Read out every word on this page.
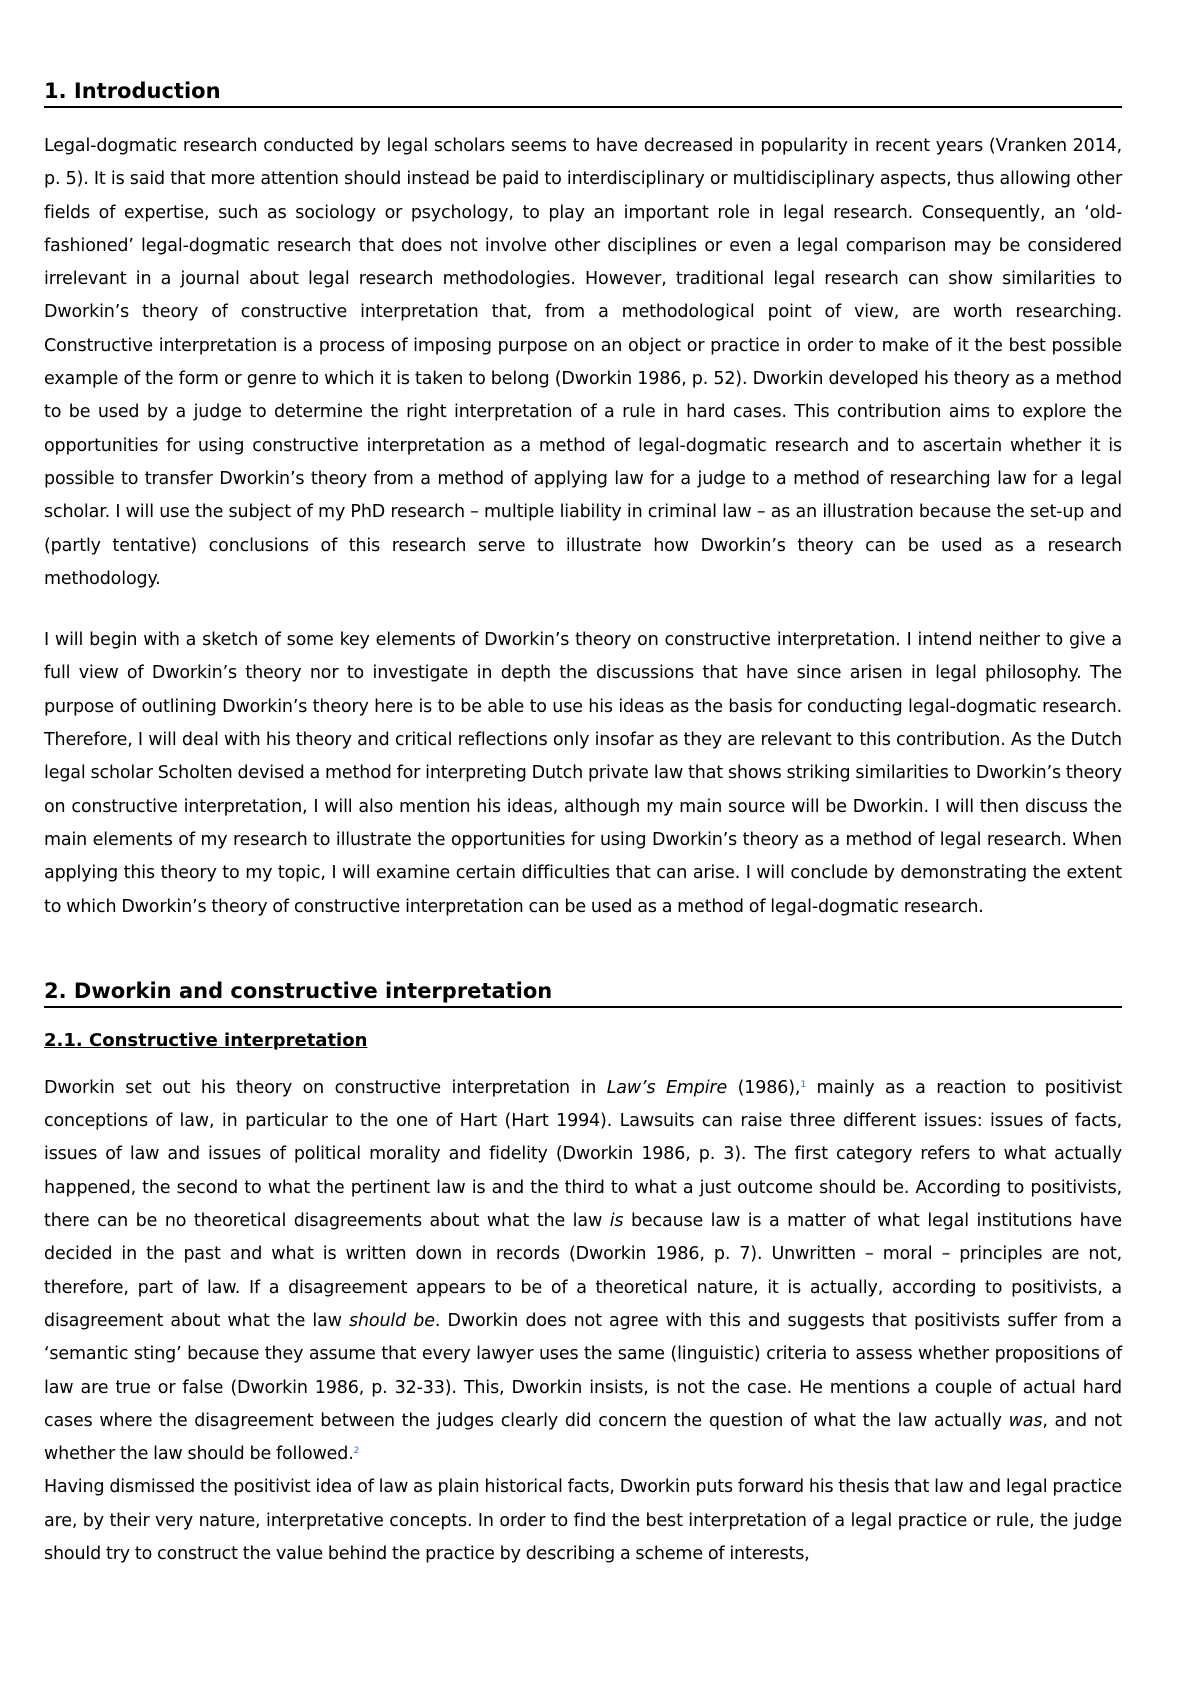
1. Introduction

Legal-dogmatic research conducted by legal scholars seems to have decreased in popularity in recent years (Vranken 2014, p. 5). It is said that more attention should instead be paid to interdisciplinary or multidisciplinary aspects, thus allowing other fields of expertise, such as sociology or psychology, to play an important role in legal research. Consequently, an ‘old-fashioned’ legal-dogmatic research that does not involve other disciplines or even a legal comparison may be considered irrelevant in a journal about legal research methodologies. However, traditional legal research can show similarities to Dworkin’s theory of constructive interpretation that, from a methodological point of view, are worth researching. Constructive interpretation is a process of imposing purpose on an object or practice in order to make of it the best possible example of the form or genre to which it is taken to belong (Dworkin 1986, p. 52). Dworkin developed his theory as a method to be used by a judge to determine the right interpretation of a rule in hard cases. This contribution aims to explore the opportunities for using constructive interpretation as a method of legal-dogmatic research and to ascertain whether it is possible to transfer Dworkin’s theory from a method of applying law for a judge to a method of researching law for a legal scholar. I will use the subject of my PhD research – multiple liability in criminal law – as an illustration because the set-up and (partly tentative) conclusions of this research serve to illustrate how Dworkin’s theory can be used as a research methodology.

I will begin with a sketch of some key elements of Dworkin’s theory on constructive interpretation. I intend neither to give a full view of Dworkin’s theory nor to investigate in depth the discussions that have since arisen in legal philosophy. The purpose of outlining Dworkin’s theory here is to be able to use his ideas as the basis for conducting legal-dogmatic research. Therefore, I will deal with his theory and critical reflections only insofar as they are relevant to this contribution. As the Dutch legal scholar Scholten devised a method for interpreting Dutch private law that shows striking similarities to Dworkin’s theory on constructive interpretation, I will also mention his ideas, although my main source will be Dworkin. I will then discuss the main elements of my research to illustrate the opportunities for using Dworkin’s theory as a method of legal research. When applying this theory to my topic, I will examine certain difficulties that can arise. I will conclude by demonstrating the extent to which Dworkin’s theory of constructive interpretation can be used as a method of legal-dogmatic research.

2. Dworkin and constructive interpretation
2.1. Constructive interpretation

Dworkin set out his theory on constructive interpretation in Law’s Empire (1986),$^1$ mainly as a reaction to positivist conceptions of law, in particular to the one of Hart (Hart 1994). Lawsuits can raise three different issues: issues of facts, issues of law and issues of political morality and fidelity (Dworkin 1986, p. 3). The first category refers to what actually happened, the second to what the pertinent law is and the third to what a just outcome should be. According to positivists, there can be no theoretical disagreements about what the law is because law is a matter of what legal institutions have decided in the past and what is written down in records (Dworkin 1986, p. 7). Unwritten – moral – principles are not, therefore, part of law. If a disagreement appears to be of a theoretical nature, it is actually, according to positivists, a disagreement about what the law should be. Dworkin does not agree with this and suggests that positivists suffer from a ‘semantic sting’ because they assume that every lawyer uses the same (linguistic) criteria to assess whether propositions of law are true or false (Dworkin 1986, p. 32-33). This, Dworkin insists, is not the case. He mentions a couple of actual hard cases where the disagreement between the judges clearly did concern the question of what the law actually was, and not whether the law should be followed.$^2$

Having dismissed the positivist idea of law as plain historical facts, Dworkin puts forward his thesis that law and legal practice are, by their very nature, interpretative concepts. In order to find the best interpretation of a legal practice or rule, the judge should try to construct the value behind the practice by describing a scheme of interests,
